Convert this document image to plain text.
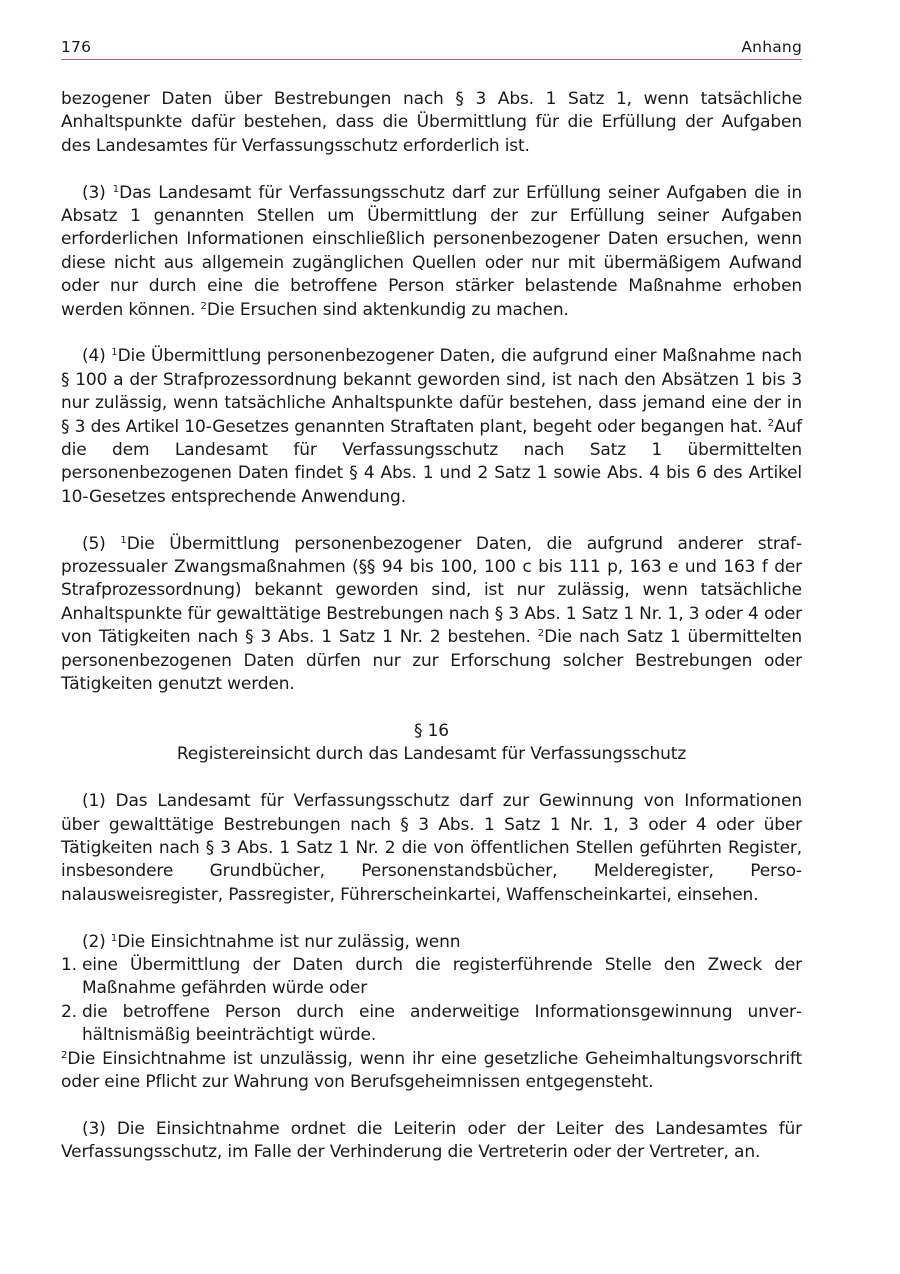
176	Anhang

bezogener Daten über Bestrebungen nach § 3 Abs. 1 Satz 1, wenn tatsächliche Anhaltspunkte dafür bestehen, dass die Übermittlung für die Erfüllung der Aufgaben des Landesamtes für Verfassungsschutz erforderlich ist.

(3) $^1$Das Landesamt für Verfassungsschutz darf zur Erfüllung seiner Aufgaben die in Absatz 1 genannten Stellen um Übermittlung der zur Erfüllung seiner Aufgaben erforderlichen Informationen einschließlich personenbezogener Daten ersuchen, wenn diese nicht aus allgemein zugänglichen Quellen oder nur mit übermäßigem Aufwand oder nur durch eine die betroffene Person stärker belastende Maßnahme erhoben werden können. $^2$Die Ersuchen sind aktenkundig zu machen.

(4) $^1$Die Übermittlung personenbezogener Daten, die aufgrund einer Maßnahme nach § 100 a der Strafprozessordnung bekannt geworden sind, ist nach den Absätzen 1 bis 3 nur zulässig, wenn tatsächliche Anhaltspunkte dafür bestehen, dass jemand eine der in § 3 des Artikel 10-Gesetzes genannten Straftaten plant, begeht oder begangen hat. $^2$Auf die dem Landesamt für Verfassungsschutz nach Satz 1 übermittelten personenbezogenen Daten findet § 4 Abs. 1 und 2 Satz 1 sowie Abs. 4 bis 6 des Artikel 10-Gesetzes entsprechende Anwendung.

(5) $^1$Die Übermittlung personenbezogener Daten, die aufgrund anderer strafprozessualer Zwangsmaßnahmen (§§ 94 bis 100, 100 c bis 111 p, 163 e und 163 f der Strafprozessordnung) bekannt geworden sind, ist nur zulässig, wenn tatsächliche Anhaltspunkte für gewalttätige Bestrebungen nach § 3 Abs. 1 Satz 1 Nr. 1, 3 oder 4 oder von Tätigkeiten nach § 3 Abs. 1 Satz 1 Nr. 2 bestehen. $^2$Die nach Satz 1 übermittelten personenbezogenen Daten dürfen nur zur Erforschung solcher Bestrebungen oder Tätigkeiten genutzt werden.

§ 16
Registereinsicht durch das Landesamt für Verfassungsschutz

(1) Das Landesamt für Verfassungsschutz darf zur Gewinnung von Informationen über gewalttätige Bestrebungen nach § 3 Abs. 1 Satz 1 Nr. 1, 3 oder 4 oder über Tätigkeiten nach § 3 Abs. 1 Satz 1 Nr. 2 die von öffentlichen Stellen geführten Register, insbesondere Grundbücher, Personenstandsbücher, Melderegister, Personalausweisregister, Passregister, Führerscheinkartei, Waffenscheinkartei, einsehen.

(2) $^1$Die Einsichtnahme ist nur zulässig, wenn

1. eine Übermittlung der Daten durch die registerführende Stelle den Zweck der Maßnahme gefährden würde oder
2. die betroffene Person durch eine anderweitige Informationsgewinnung unverhältnismäßig beeinträchtigt würde.

$^2$Die Einsichtnahme ist unzulässig, wenn ihr eine gesetzliche Geheimhaltungsvorschrift oder eine Pflicht zur Wahrung von Berufsgeheimnissen entgegensteht.

(3) Die Einsichtnahme ordnet die Leiterin oder der Leiter des Landesamtes für Verfassungsschutz, im Falle der Verhinderung die Vertreterin oder der Vertreter, an.
